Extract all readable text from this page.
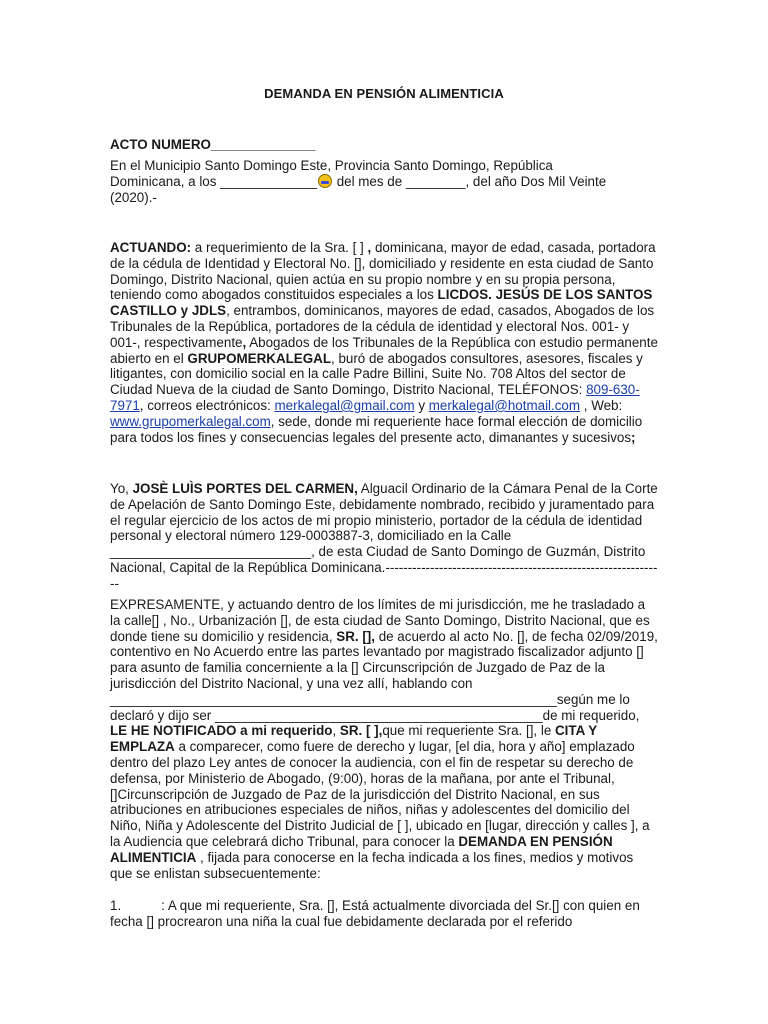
DEMANDA EN PENSIÓN ALIMENTICIA
ACTO NUMERO______________

En el Municipio Santo Domingo Este, Provincia Santo Domingo, República

Dominicana, a los _____________ del mes de ________, del año Dos Mil Veinte

(2020).-

ACTUANDO: a requerimiento de la Sra. [ ] , dominicana, mayor de edad, casada, portadora de la cédula de Identidad y Electoral No. [], domiciliado y residente en esta ciudad de Santo Domingo, Distrito Nacional, quien actúa en su propio nombre y en su propia persona, teniendo como abogados constituidos especiales a los LICDOS. JESÚS DE LOS SANTOS CASTILLO y JDLS, entrambos, dominicanos, mayores de edad, casados, Abogados de los Tribunales de la República, portadores de la cédula de identidad y electoral Nos. 001- y 001-, respectivamente, Abogados de los Tribunales de la República con estudio permanente abierto en el GRUPOMERKALEGAL, buró de abogados consultores, asesores, fiscales y litigantes, con domicilio social en la calle Padre Billini, Suite No. 708 Altos del sector de Ciudad Nueva de la ciudad de Santo Domingo, Distrito Nacional, TELÉFONOS: 809-630-7971, correos electrónicos: merkalegal@gmail.com y merkalegal@hotmail.com , Web: www.grupomerkalegal.com, sede, donde mi requeriente hace formal elección de domicilio para todos los fines y consecuencias legales del presente acto, dimanantes y sucesivos;

Yo, JOSÈ LUÌS PORTES DEL CARMEN, Alguacil Ordinario de la Cámara Penal de la Corte de Apelación de Santo Domingo Este, debidamente nombrado, recibido y juramentado para el regular ejercicio de los actos de mi propio ministerio, portador de la cédula de identidad personal y electoral número 129-0003887-3, domiciliado en la Calle ___________________________, de esta Ciudad de Santo Domingo de Guzmán, Distrito Nacional, Capital de la República Dominicana.---------------------------------------------------------------

EXPRESAMENTE, y actuando dentro de los límites de mi jurisdicción, me he trasladado a la calle[] , No., Urbanización [], de esta ciudad de Santo Domingo, Distrito Nacional, que es donde tiene su domicilio y residencia, SR. [], de acuerdo al acto No. [], de fecha 02/09/2019, contentivo en No Acuerdo entre las partes levantado por magistrado fiscalizador adjunto [] para asunto de familia concerniente a la [] Circunscripción de Juzgado de Paz de la jurisdicción del Distrito Nacional, y una vez allí, hablando con ____________________________________________________________según me lo declaró y dijo ser ____________________________________________de mi requerido, LE HE NOTIFICADO a mi requerido, SR. [ ],que mi requeriente Sra. [], le CITA Y EMPLAZA a comparecer, como fuere de derecho y lugar, [el dia, hora y año] emplazado dentro del plazo Ley antes de conocer la audiencia, con el fin de respetar su derecho de defensa, por Ministerio de Abogado, (9:00), horas de la mañana, por ante el Tribunal, []Circunscripción de Juzgado de Paz de la jurisdicción del Distrito Nacional, en sus atribuciones en atribuciones especiales de niños, niñas y adolescentes del domicilio del Niño, Niña y Adolescente del Distrito Judicial de [ ], ubicado en [lugar, dirección y calles ], a la Audiencia que celebrará dicho Tribunal, para conocer la DEMANDA EN PENSIÓN ALIMENTICIA , fijada para conocerse en la fecha indicada a los fines, medios y motivos que se enlistan subsecuentemente:

1.	: A que mi requeriente, Sra. [], Está actualmente divorciada del Sr.[] con quien en fecha [] procrearon una niña la cual fue debidamente declarada por el referido
